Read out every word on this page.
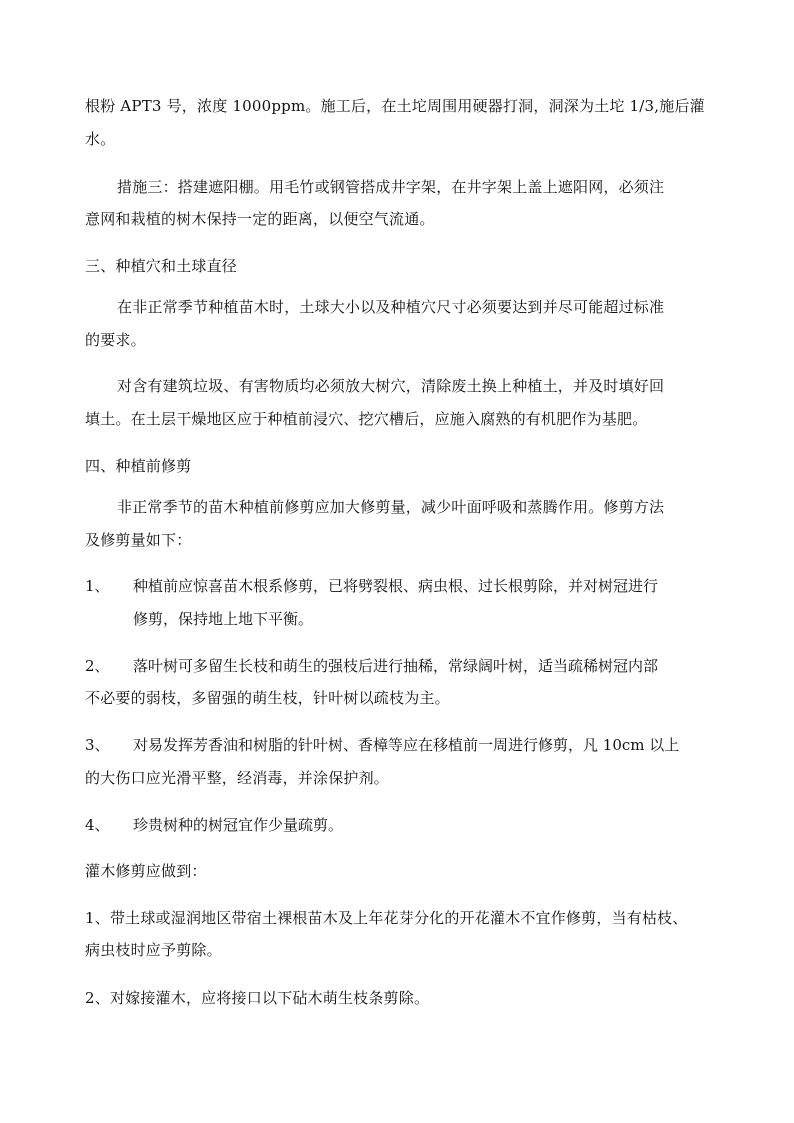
根粉 APT3 号，浓度 1000ppm。施工后，在土坨周围用硬器打洞，洞深为土坨 1/3,施后灌
水。
措施三：搭建遮阳棚。用毛竹或钢管搭成井字架，在井字架上盖上遮阳网，必须注
意网和栽植的树木保持一定的距离，以便空气流通。
三、种植穴和土球直径
在非正常季节种植苗木时，土球大小以及种植穴尺寸必须要达到并尽可能超过标准
的要求。
对含有建筑垃圾、有害物质均必须放大树穴，清除废土换上种植土，并及时填好回
填土。在土层干燥地区应于种植前浸穴、挖穴槽后，应施入腐熟的有机肥作为基肥。
四、种植前修剪
非正常季节的苗木种植前修剪应加大修剪量，减少叶面呼吸和蒸腾作用。修剪方法
及修剪量如下：
1、 种植前应惊喜苗木根系修剪，已将劈裂根、病虫根、过长根剪除，并对树冠进行
修剪，保持地上地下平衡。
2、 落叶树可多留生长枝和萌生的强枝后进行抽稀，常绿阔叶树，适当疏稀树冠内部
不必要的弱枝，多留强的萌生枝，针叶树以疏枝为主。
3、 对易发挥芳香油和树脂的针叶树、香樟等应在移植前一周进行修剪，凡 10cm 以上
的大伤口应光滑平整，经消毒，并涂保护剂。
4、 珍贵树种的树冠宜作少量疏剪。
灌木修剪应做到：
1、带土球或湿润地区带宿土裸根苗木及上年花芽分化的开花灌木不宜作修剪，当有枯枝、
病虫枝时应予剪除。
2、对嫁接灌木，应将接口以下砧木萌生枝条剪除。
